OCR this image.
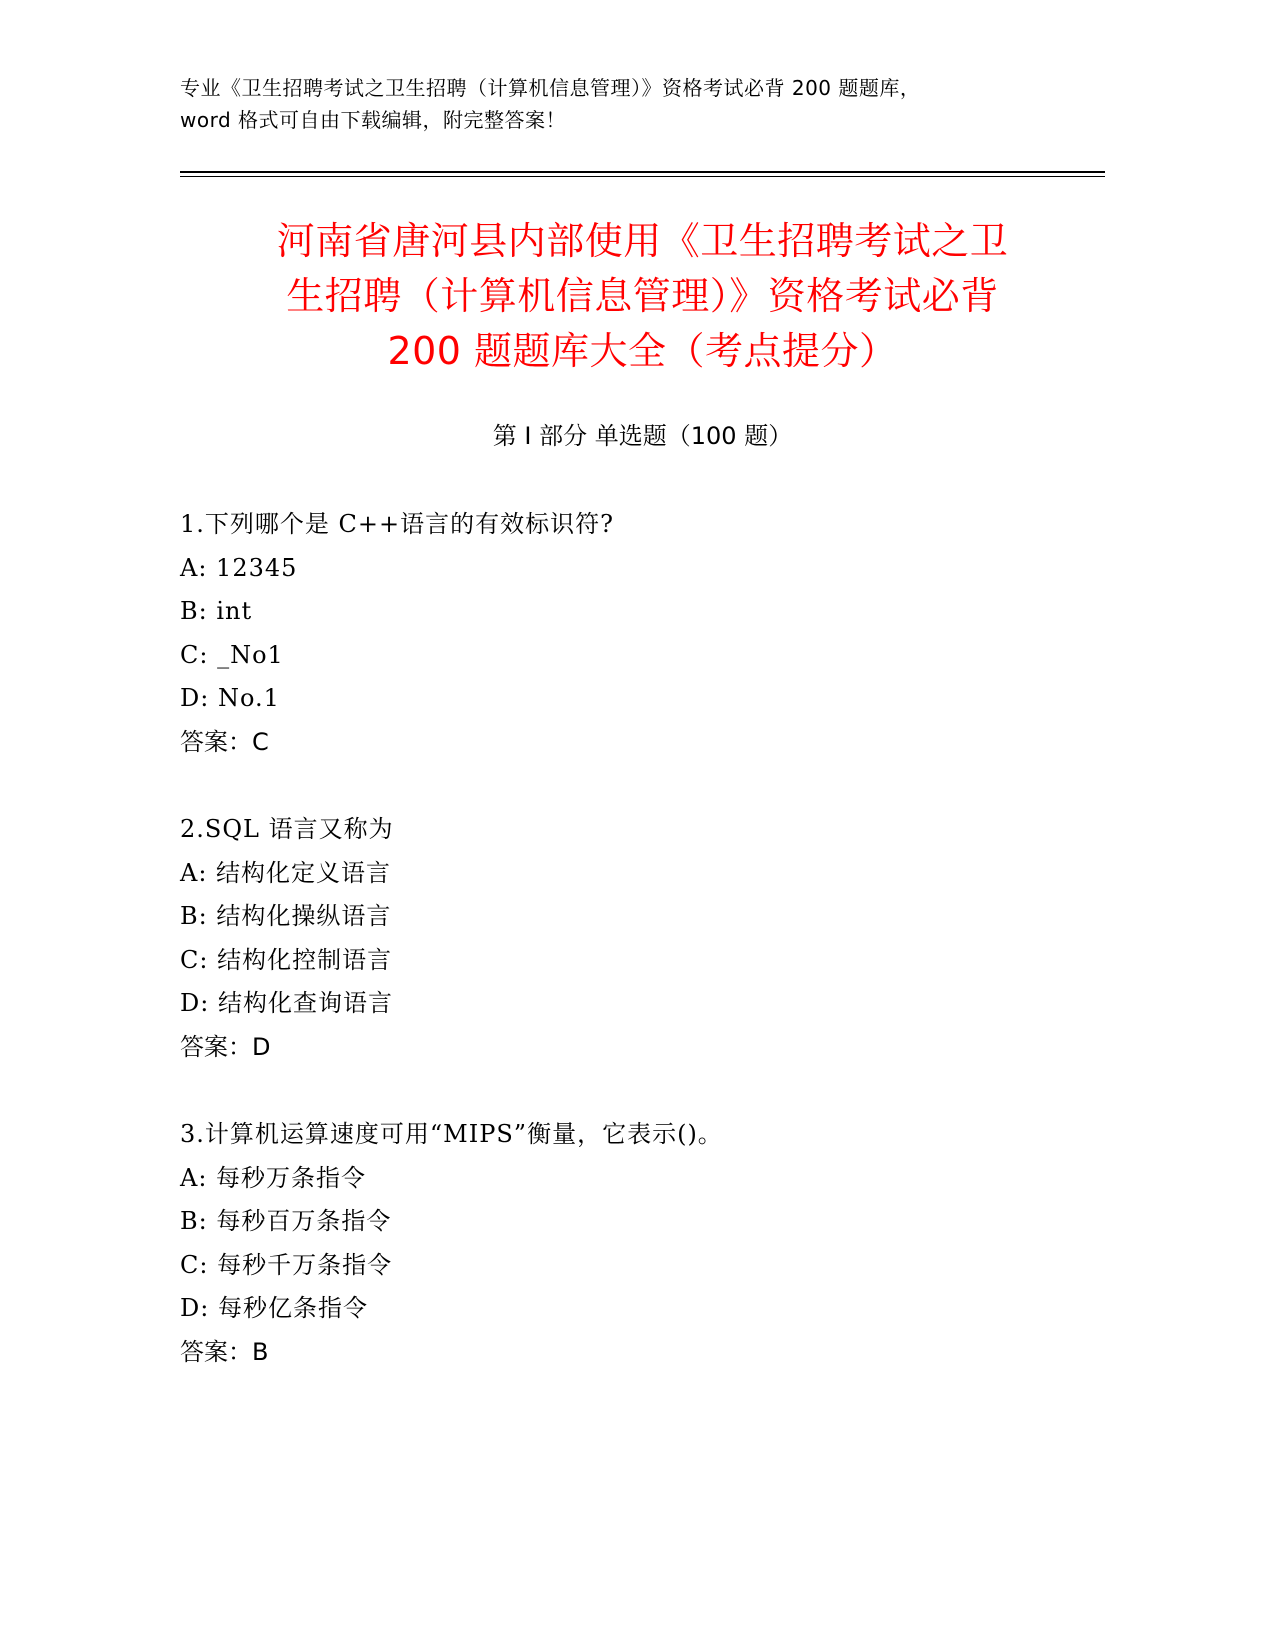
专业《卫生招聘考试之卫生招聘（计算机信息管理）》资格考试必背 200 题题库，

word 格式可自由下载编辑，附完整答案！

河南省唐河县内部使用《卫生招聘考试之卫
生招聘（计算机信息管理）》资格考试必背
200 题题库大全（考点提分）
第 I 部分 单选题（100 题）
1.下列哪个是 C++语言的有效标识符?
A: 12345
B: int
C: _No1
D: No.1
答案：C
2.SQL 语言又称为
A: 结构化定义语言
B: 结构化操纵语言
C: 结构化控制语言
D: 结构化查询语言
答案：D
3.计算机运算速度可用“MIPS”衡量，它表示()。
A: 每秒万条指令
B: 每秒百万条指令
C: 每秒千万条指令
D: 每秒亿条指令
答案：B
